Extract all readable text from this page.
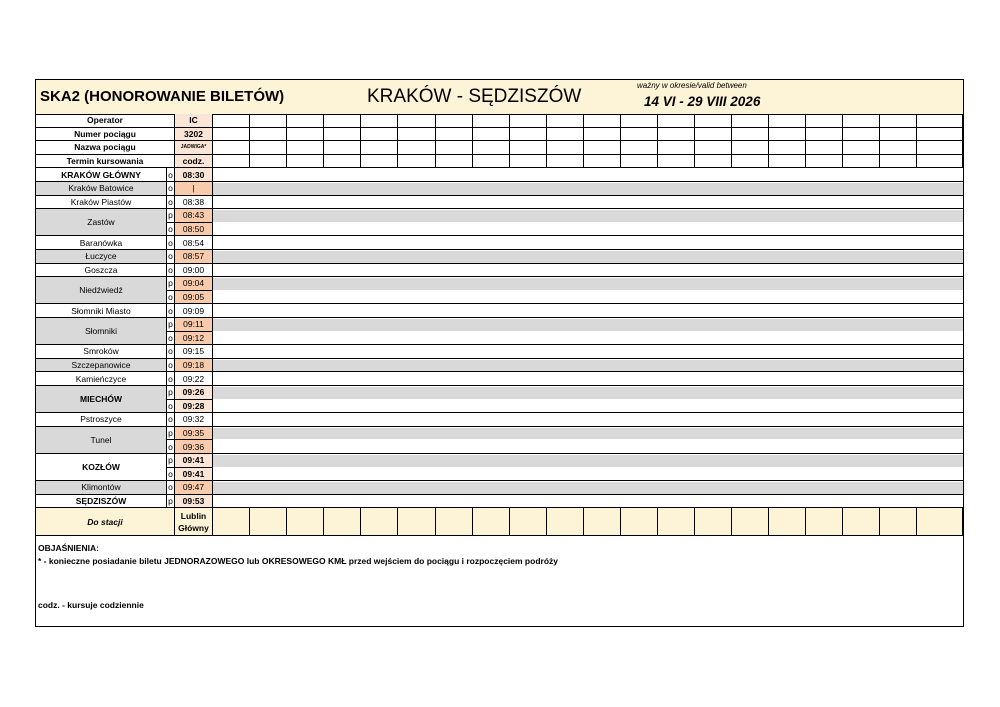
SKA2 (HONOROWANIE BILETÓW)	KRAKÓW - SĘDZISZÓW
ważny w okresie/valid between
14 VI - 29 VIII 2026
Operator	IC
Numer pociągu	3202
Nazwa pociągu	JADWIGA*
Termin kursowania	codz.
KRAKÓW GŁÓWNY	o	08:30
Kraków Batowice	o	|
Kraków Piastów	o	08:38
Zastów
p	08:43
o	08:50
Baranówka	o	08:54
Łuczyce	o	08:57
Goszcza	o	09:00
Niedźwiedź
p	09:04
o	09:05
Słomniki Miasto	o	09:09
Słomniki
p	09:11
o	09:12
Smroków	o	09:15
Szczepanowice	o	09:18
Kamieńczyce	o	09:22
MIECHÓW
p	09:26
o	09:28
Pstroszyce	o	09:32
Tunel
p	09:35
o	09:36
KOZŁÓW
p	09:41
o	09:41
Klimontów	o	09:47
SĘDZISZÓW	p	09:53
Do stacji
Lublin Główny
OBJAŚNIENIA:
* - konieczne posiadanie biletu JEDNORAZOWEGO lub OKRESOWEGO KMŁ przed wejściem do pociągu i rozpoczęciem podróży
codz. - kursuje codziennie
